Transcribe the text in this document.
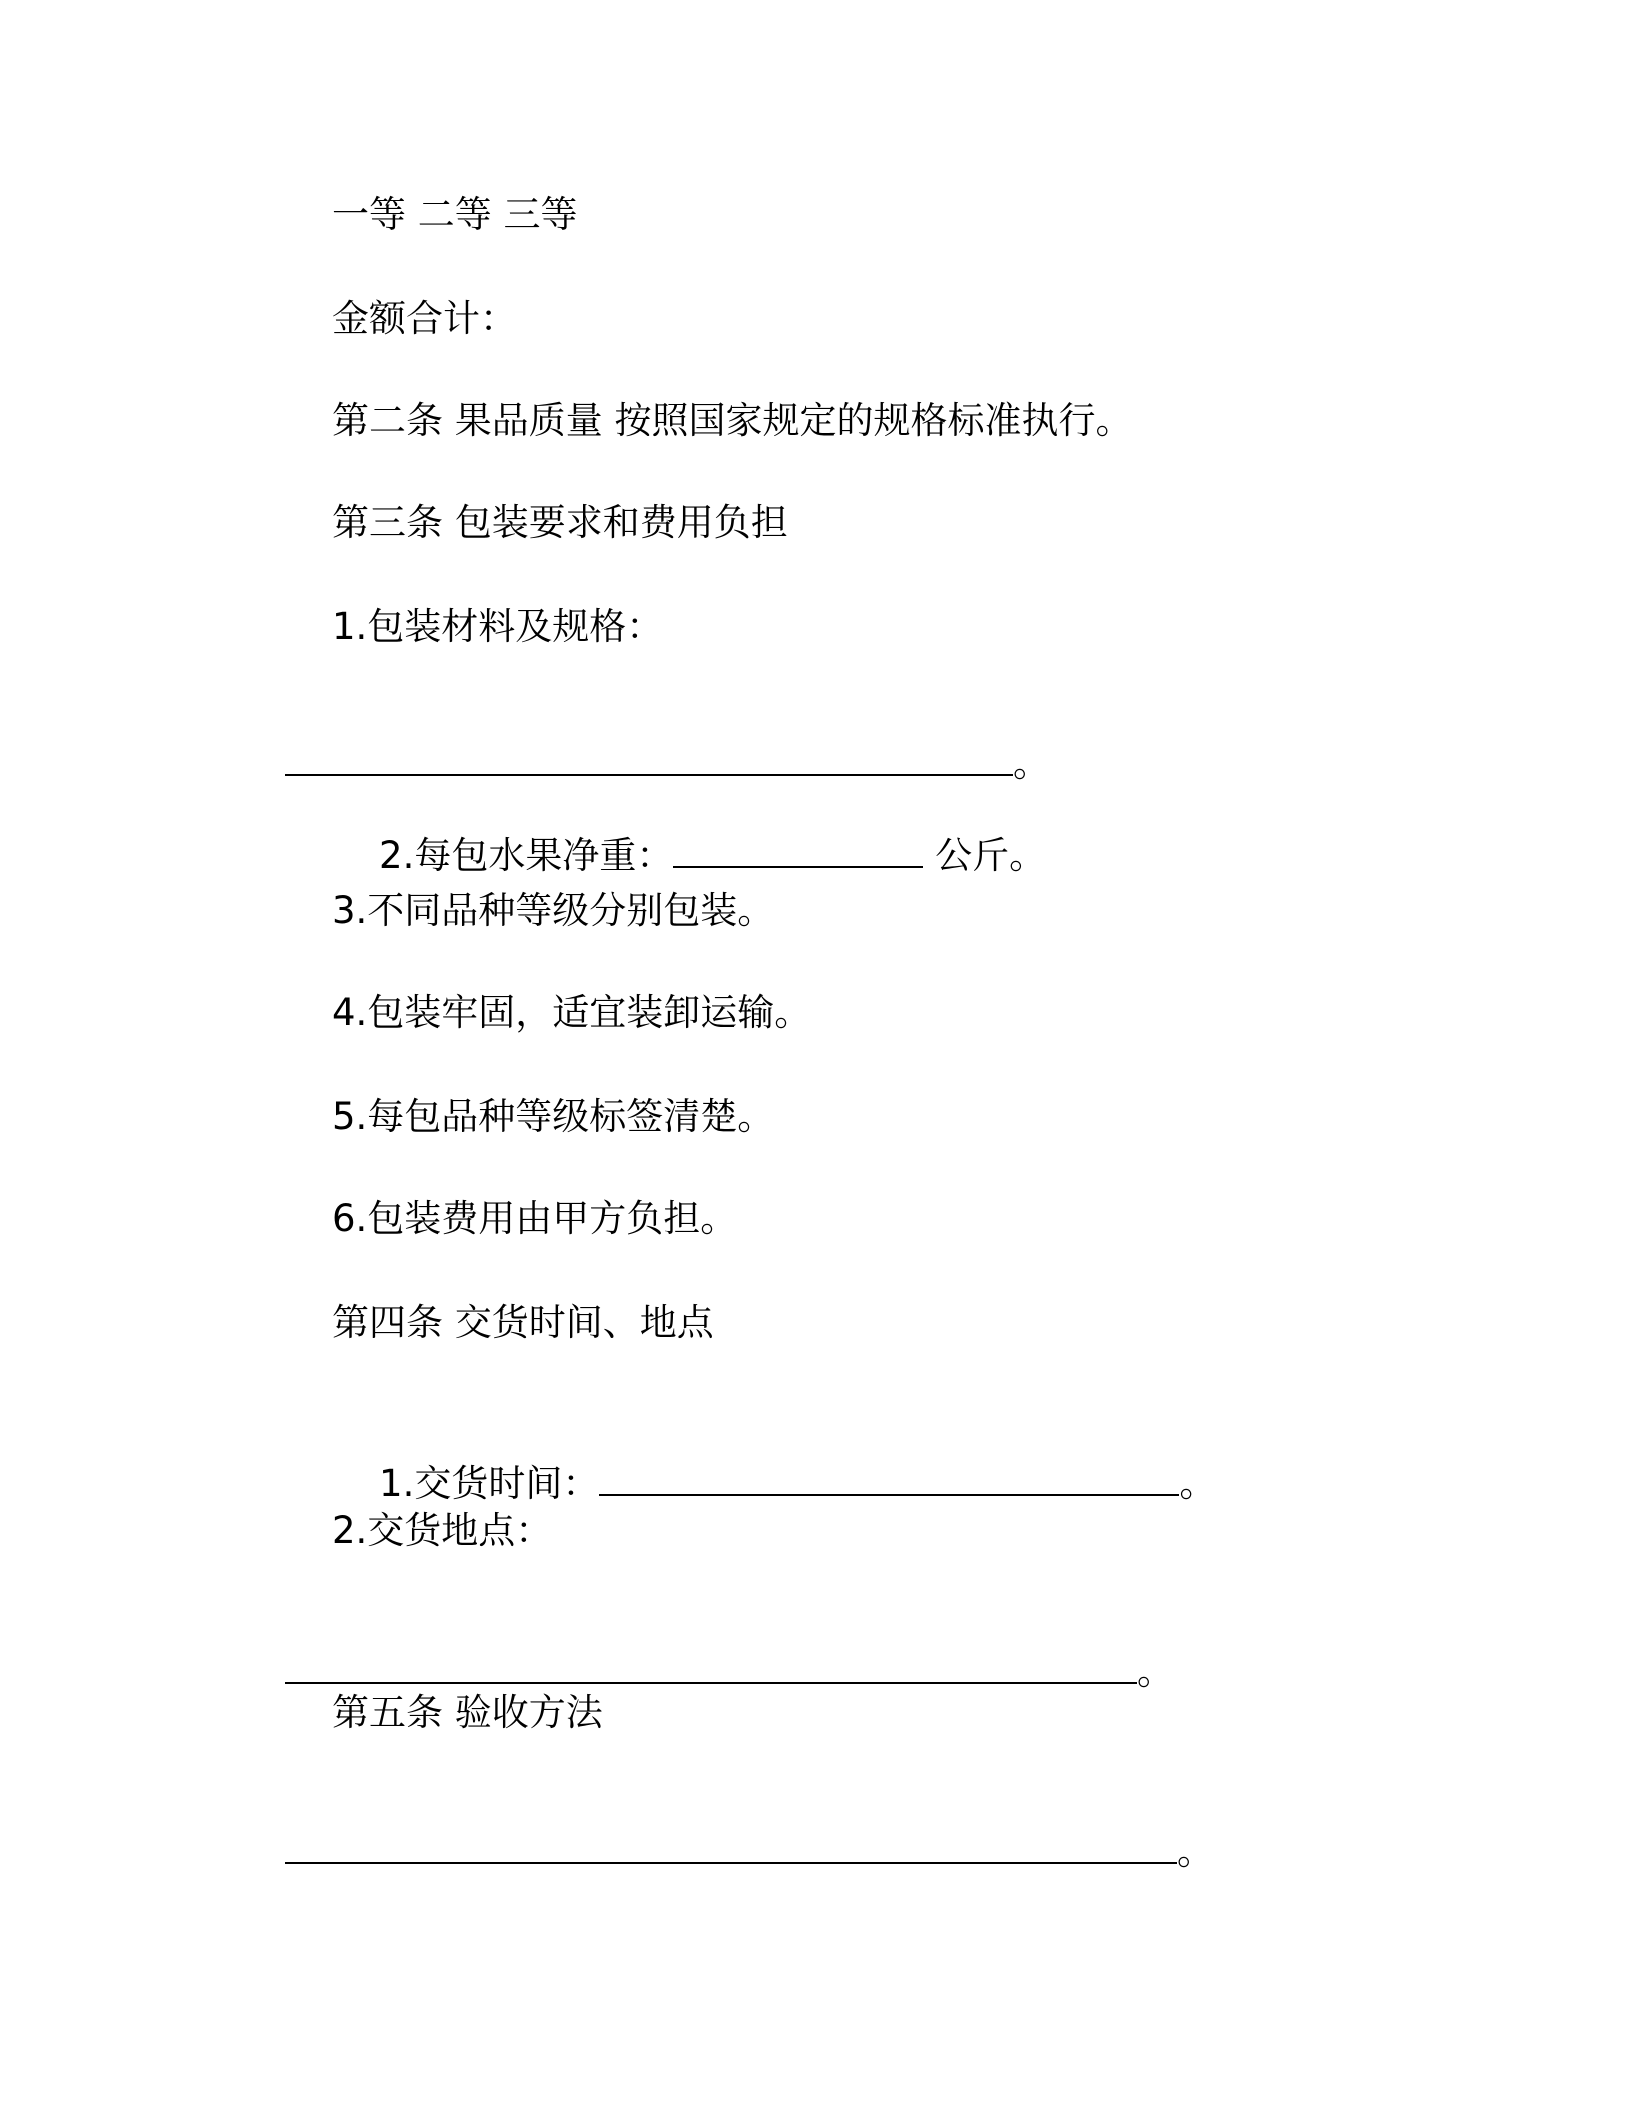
一等 二等 三等
金额合计：
第二条 果品质量 按照国家规定的规格标准执行。
第三条 包装要求和费用负担
1.包装材料及规格：

。

2.每包水果净重：	公斤。

3.不同品种等级分别包装。
4.包装牢固，适宜装卸运输。
5.每包品种等级标签清楚。
6.包装费用由甲方负担。
第四条 交货时间、地点

1.交货时间：	。

2.交货地点：

。

第五条 验收方法

。
